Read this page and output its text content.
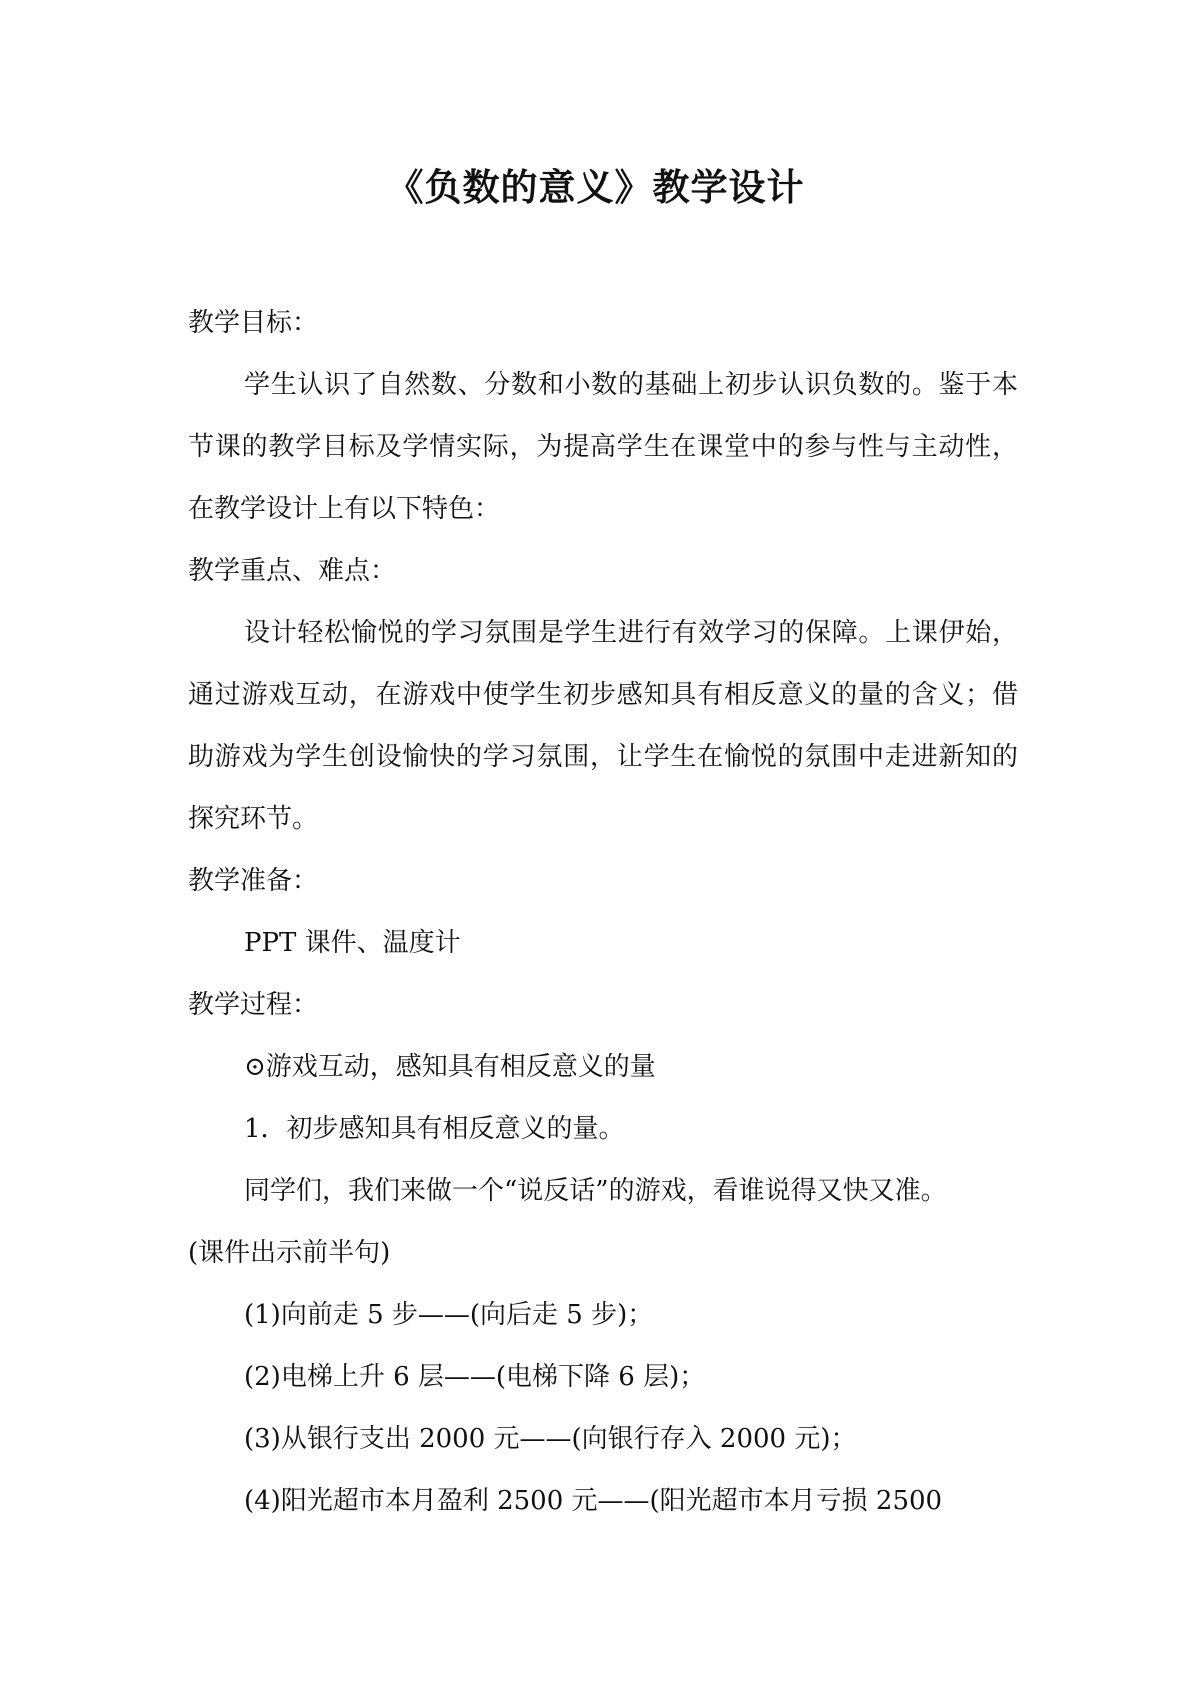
《负数的意义》教学设计

教学目标：

学生认识了自然数、分数和小数的基础上初步认识负数的。鉴于本节课的教学目标及学情实际，为提高学生在课堂中的参与性与主动性，在教学设计上有以下特色：

教学重点、难点：

设计轻松愉悦的学习氛围是学生进行有效学习的保障。上课伊始，通过游戏互动，在游戏中使学生初步感知具有相反意义的量的含义；借助游戏为学生创设愉快的学习氛围，让学生在愉悦的氛围中走进新知的探究环节。

教学准备：

PPT 课件、温度计

教学过程：

⊙游戏互动，感知具有相反意义的量

1．初步感知具有相反意义的量。

同学们，我们来做一个“说反话”的游戏，看谁说得又快又准。

(课件出示前半句)

(1)向前走 5 步——(向后走 5 步)；

(2)电梯上升 6 层——(电梯下降 6 层)；

(3)从银行支出 2000 元——(向银行存入 2000 元)；

(4)阳光超市本月盈利 2500 元——(阳光超市本月亏损 2500
